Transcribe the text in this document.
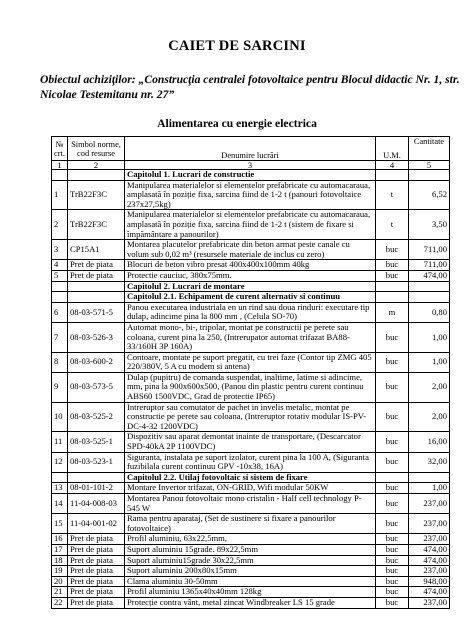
CAIET DE SARCINI
Obiectul achiziţilor: „Construcţia centralei fotovoltaice pentru Blocul didactic Nr. 1, str. Nicolae Testemitanu nr. 27”
Alimentarea cu energie electrica
№ crt.	Simbol norme, cod resurse	Denumire lucrări	U.M.	Cantitate
1	2	3	4	5
		Capitolul 1. Lucrari de constructie		
1	TrB22F3C	Manipularea materialelor si elementelor prefabricate cu automacaraua, amplasată în poziție fixa, sarcina fiind de 1-2 t (panouri fotovoltaice 237x27,5kg)	t	6,52
2	TrB22F3C	Manipularea materialelor si elementelor prefabricate cu automacaraua, amplasată în poziție fixa, sarcina fiind de 1-2 t (sistem de fixare si împământare a panourilor)	t	3,50
3	CP15A1	Montarea placutelor prefabricate din beton armat peste canale cu volum sub 0,02 m³ (resursele materiale de inclus cu zero)	buc	711,00
4	Pret de piata	Blocuri de beton vibro presat 400x400x100mm 40kg	buc	711,00
5	Pret de piata	Protectie cauciuc, 380x75mm.	buc	474,00
		Capitolul 2. Lucrari de montare		
		Capitolul 2.1. Echipament de curent alternativ si continuu		
6	08-03-571-5	Panou executarea industriala en un rind sau doua rinduri: executare tip dulap, adincime pina la 800 mm , (Celula SO-70)	m	0,80
7	08-03-526-3	Automat mono-, bi-, tripolar, montat pe constructii pe perete sau coloana, curent pina la 250, (Intrerupator automat trifazat BA88-33/160H 3P 160A)	buc	1,00
8	08-03-600-2	Contoare, montate pe suport pregatit, cu trei faze (Contor tip ZMG 405 220/380V, 5 A cu modem si antena)	buc	1,00
9	08-03-573-5	Dulap (pupitru) de comanda suspendat, inaltime, latime si adincime, mm, pina la 900x600x500, (Panou din plastic pentru curent continuu ABS60 1500VDC, Grad de protectie IP65)	buc	2,00
10	08-03-525-2	Intreruptor sau comutator de pachet in invelis metalic, montat pe constructie pe perete sau coloana, (Intreruptor rotativ modular IS-PV-DC-4-32 1200VDC)	buc	2,00
11	08-03-525-1	Dispozitiv sau aparat demontat inainte de transportare, (Descarcator SPD-40kA 2P 1100VDC)	buc	16,00
12	08-03-523-1	Siguranta, instalata pe suport izolator, curent pina la 100 A, (Siguranta fuzibilala curent continuu GPV -10x38, 16A)	buc	32,00
		Capitolul 2.2. Utilaj fotovoltaic si sistem de fixare		
13	08-01-101-2	Montare Invertor trifazat, ON-GRID, Wifi modular 50KW	buc	1,00
14	11-04-008-03	Montarea Panou fotovoltaic mono cristalin - Half cell technology P-545 W	buc	237,00
15	11-04-001-02	Rama pentru aparataj, (Set de sustinere si fixare a panourilor fotovoltaice)	buc	237,00
16	Pret de piata	Profil aluminiu, 63x22,5mm,	buc	237,00
17	Pret de piata	Suport aluminiu 15grade. 89x22,5mm	buc	474,00
18	Pret de piata	Suport aluminiu15grade 30x22,5mm	buc	474,00
19	Pret de piata	Suport aluminiu 200x80x15mm	buc	237,00
20	Pret de piata	Clama aluminiu 30-50mm	buc	948,00
21	Pret de piata	Profil aluminiu 1365x40x40mm 128kg	buc	474,00
22	Pret de piata	Protecție contra vânt, metal zincat Windbreaker LS 15 grade	buc	237,00
